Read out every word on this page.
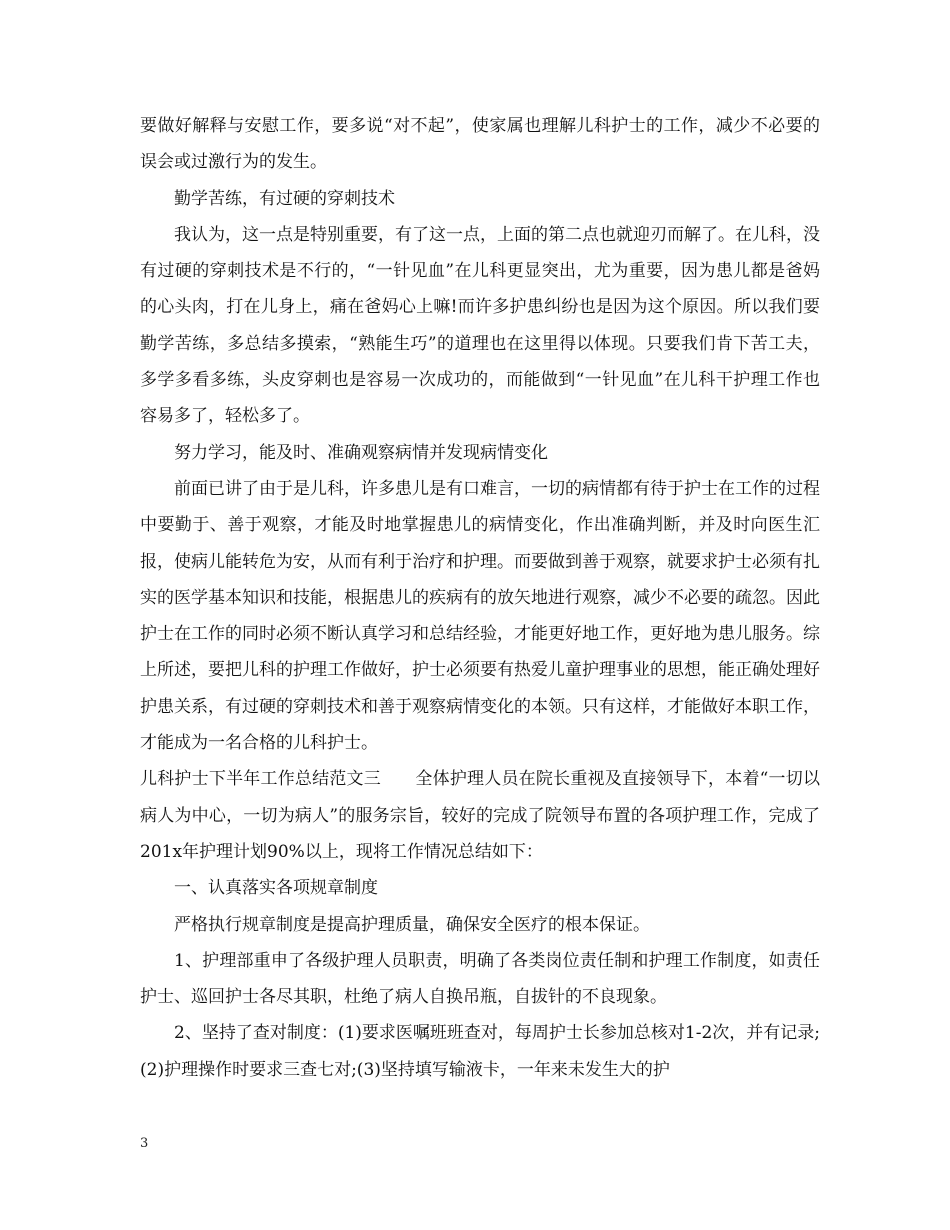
要做好解释与安慰工作，要多说“对不起”，使家属也理解儿科护士的工作，减少不必要的误会或过激行为的发生。

勤学苦练，有过硬的穿刺技术

我认为，这一点是特别重要，有了这一点，上面的第二点也就迎刃而解了。在儿科，没有过硬的穿刺技术是不行的，“一针见血”在儿科更显突出，尤为重要，因为患儿都是爸妈的心头肉，打在儿身上，痛在爸妈心上嘛!而许多护患纠纷也是因为这个原因。所以我们要勤学苦练，多总结多摸索，“熟能生巧”的道理也在这里得以体现。只要我们肯下苦工夫，多学多看多练，头皮穿刺也是容易一次成功的，而能做到“一针见血”在儿科干护理工作也容易多了，轻松多了。

努力学习，能及时、准确观察病情并发现病情变化

前面已讲了由于是儿科，许多患儿是有口难言，一切的病情都有待于护士在工作的过程中要勤于、善于观察，才能及时地掌握患儿的病情变化，作出准确判断，并及时向医生汇报，使病儿能转危为安，从而有利于治疗和护理。而要做到善于观察，就要求护士必须有扎实的医学基本知识和技能，根据患儿的疾病有的放矢地进行观察，减少不必要的疏忽。因此护士在工作的同时必须不断认真学习和总结经验，才能更好地工作，更好地为患儿服务。综上所述，要把儿科的护理工作做好，护士必须要有热爱儿童护理事业的思想，能正确处理好护患关系，有过硬的穿刺技术和善于观察病情变化的本领。只有这样，才能做好本职工作，才能成为一名合格的儿科护士。

儿科护士下半年工作总结范文三　　全体护理人员在院长重视及直接领导下，本着“一切以病人为中心，一切为病人”的服务宗旨，较好的完成了院领导布置的各项护理工作，完成了201x年护理计划90%以上，现将工作情况总结如下：

一、认真落实各项规章制度

严格执行规章制度是提高护理质量，确保安全医疗的根本保证。

1、护理部重申了各级护理人员职责，明确了各类岗位责任制和护理工作制度，如责任护士、巡回护士各尽其职，杜绝了病人自换吊瓶，自拔针的不良现象。

2、坚持了查对制度：(1)要求医嘱班班查对，每周护士长参加总核对1-2次，并有记录;(2)护理操作时要求三查七对;(3)坚持填写输液卡，一年来未发生大的护

3
